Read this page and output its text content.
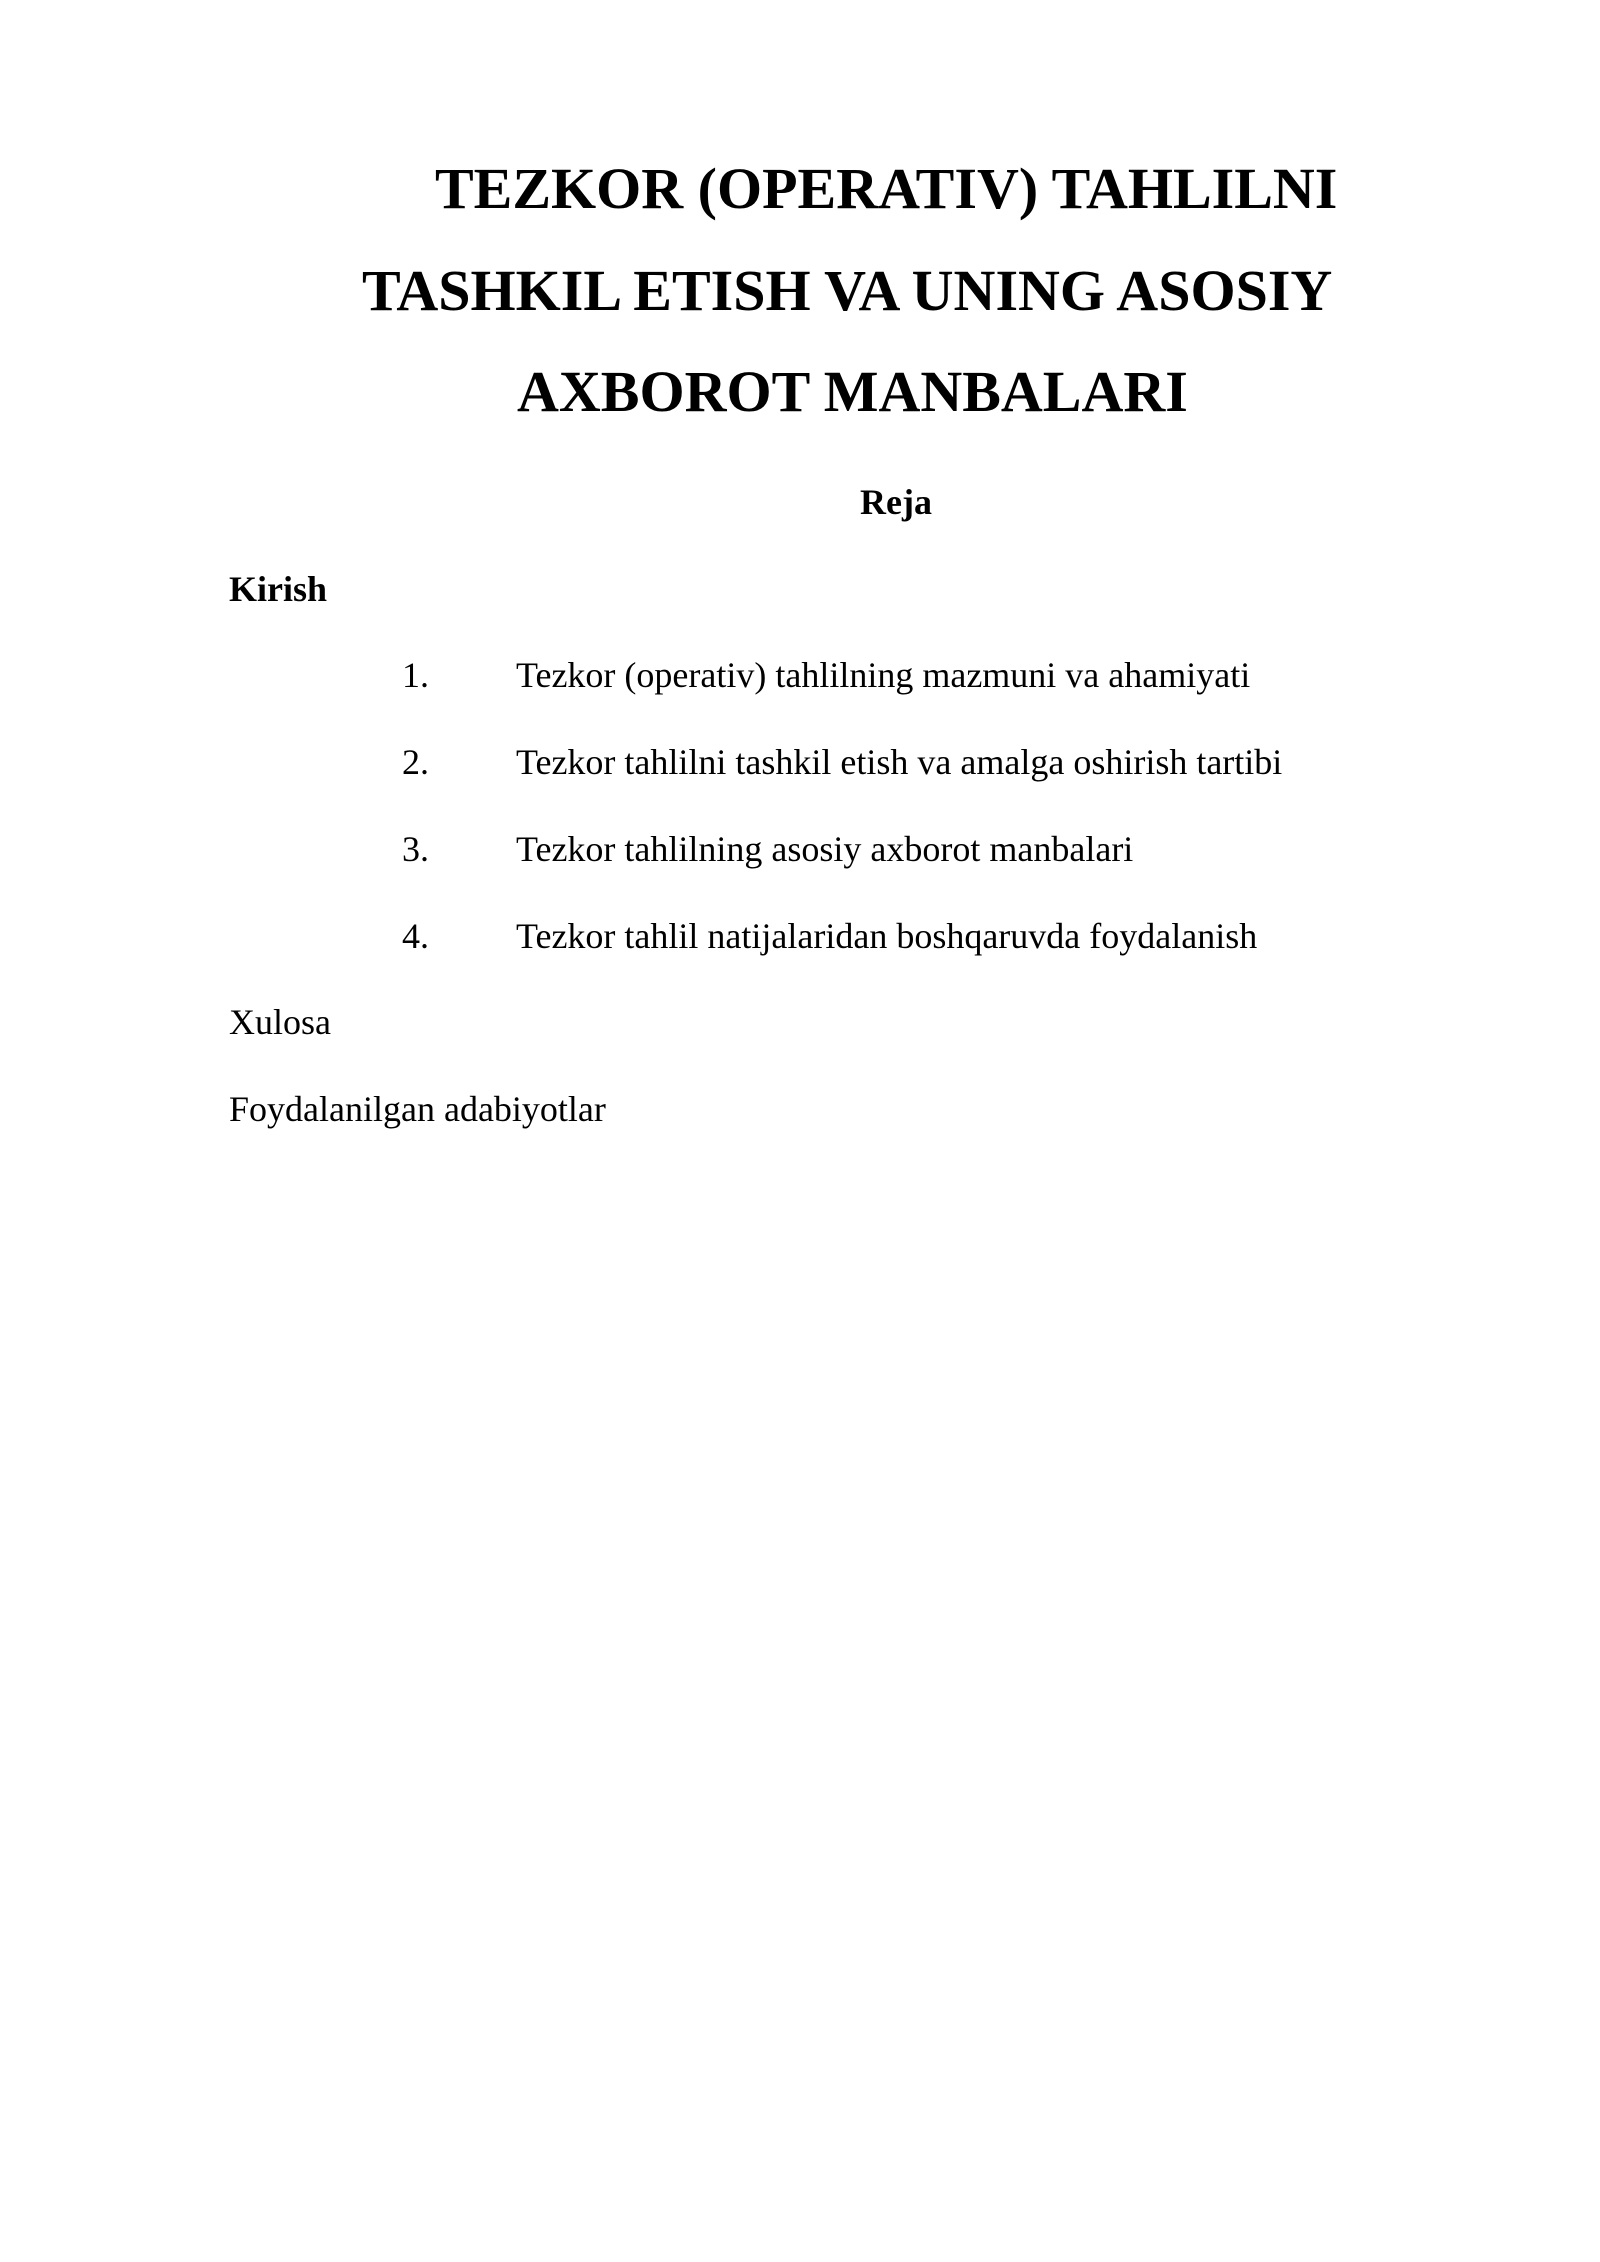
TEZKOR (OPERATIV) TAHLILNI
TASHKIL ETISH VA UNING ASOSIY
AXBOROT MANBALARI
Reja
Kirish
1. Tezkor (operativ) tahlilning mazmuni va ahamiyati
2. Tezkor tahlilni tashkil etish va amalga oshirish tartibi
3. Tezkor tahlilning asosiy axborot manbalari
4. Tezkor tahlil natijalaridan boshqaruvda foydalanish
Xulosa
Foydalanilgan adabiyotlar
